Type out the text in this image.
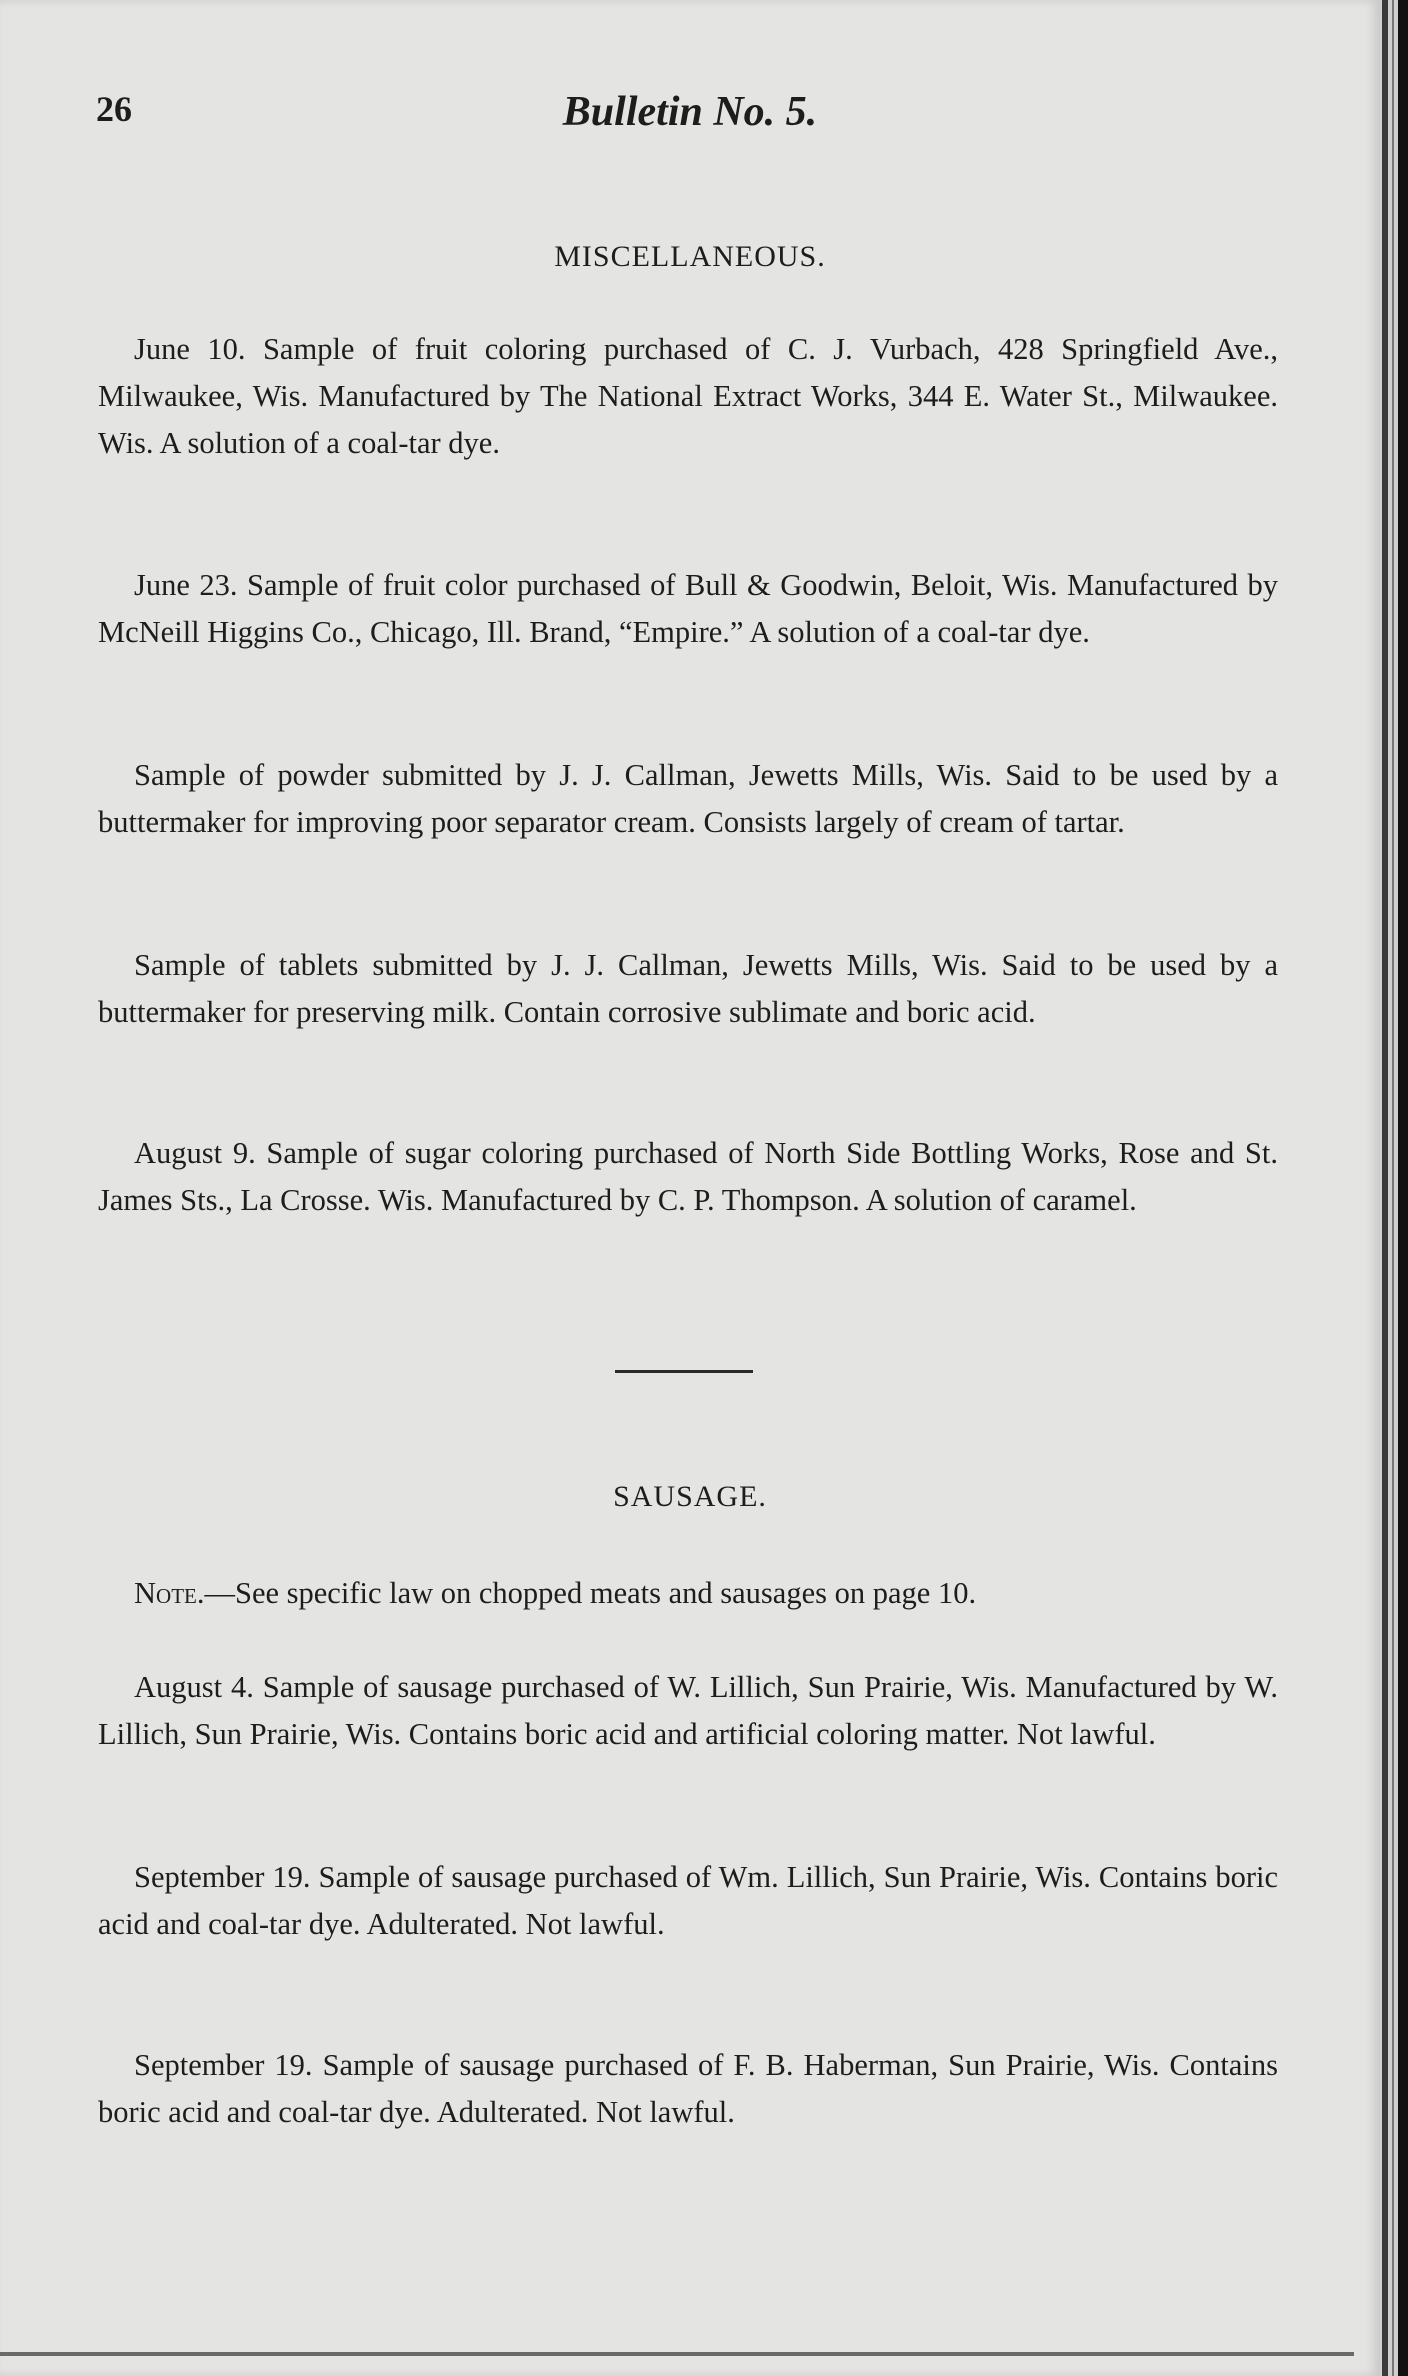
26	Bulletin No. 5.
MISCELLANEOUS.

June 10. Sample of fruit coloring purchased of C. J. Vurbach, 428 Springfield Ave., Milwaukee, Wis. Manufactured by The National Extract Works, 344 E. Water St., Milwaukee. Wis. A solution of a coal-tar dye.

June 23. Sample of fruit color purchased of Bull & Goodwin, Beloit, Wis. Manufactured by McNeill Higgins Co., Chicago, Ill. Brand, “Empire.” A solution of a coal-tar dye.

Sample of powder submitted by J. J. Callman, Jewetts Mills, Wis. Said to be used by a buttermaker for improving poor separator cream. Consists largely of cream of tartar.

Sample of tablets submitted by J. J. Callman, Jewetts Mills, Wis. Said to be used by a buttermaker for preserving milk. Contain corrosive sublimate and boric acid.

August 9. Sample of sugar coloring purchased of North Side Bottling Works, Rose and St. James Sts., La Crosse. Wis. Manufactured by C. P. Thompson. A solution of caramel.

SAUSAGE.

Note.—See specific law on chopped meats and sausages on page 10.

August 4. Sample of sausage purchased of W. Lillich, Sun Prairie, Wis. Manufactured by W. Lillich, Sun Prairie, Wis. Contains boric acid and artificial coloring matter. Not lawful.

September 19. Sample of sausage purchased of Wm. Lillich, Sun Prairie, Wis. Contains boric acid and coal-tar dye. Adulterated. Not lawful.

September 19. Sample of sausage purchased of F. B. Haberman, Sun Prairie, Wis. Contains boric acid and coal-tar dye. Adulterated. Not lawful.
